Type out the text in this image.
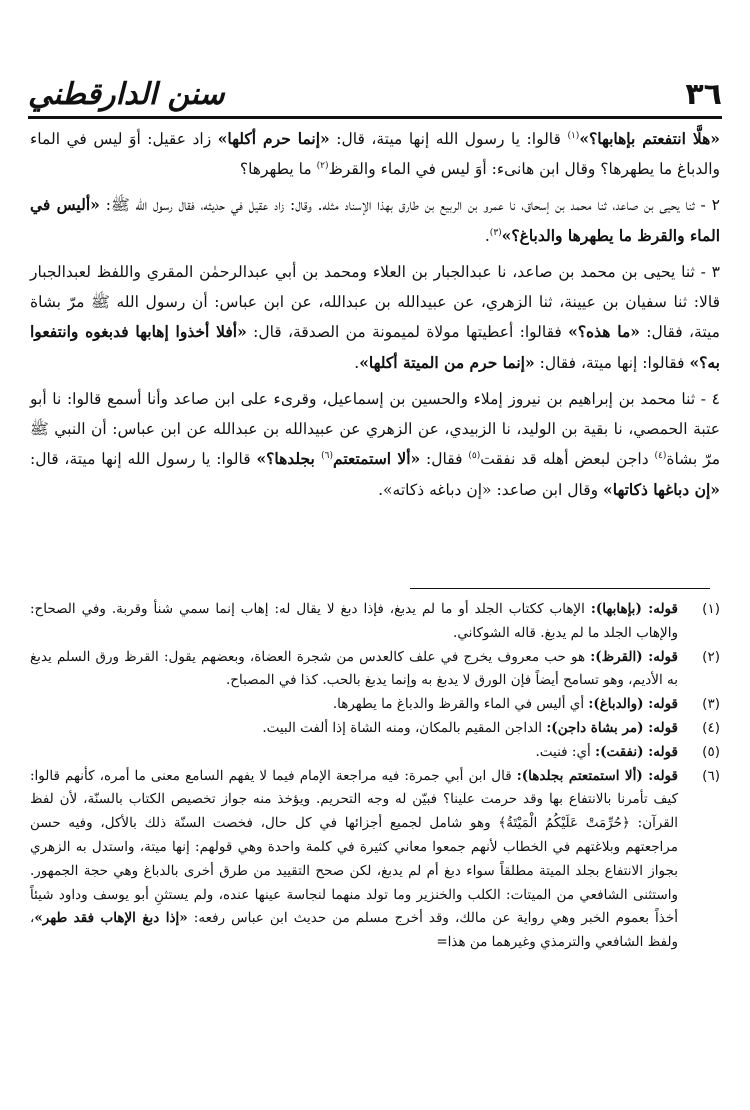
٣٦
سنن الدارقطني

«هلَّا انتفعتم بإهابها؟»$^{(١)}$ قالوا: يا رسول الله إنها ميتة، قال: «إنما حرم أكلها» زاد عقيل: أوَ ليس في الماء والدباغ ما يطهرها؟ وقال ابن هانىء: أوَ ليس في الماء والقرظ$^{(٢)}$ ما يطهرها؟

٢ - ثنا يحيى بن صاعد، ثنا محمد بن إسحاق، نا عمرو بن الربيع بن طارق بهذا الإسناد مثله. وقال: زاد عقيل في حديثه، فقال رسول الله ﷺ: «أليس في الماء والقرظ ما يطهرها والدباغ؟»$^{(٣)}$.

٣ - ثنا يحيى بن محمد بن صاعد، نا عبدالجبار بن العلاء ومحمد بن أبي عبدالرحمٰن المقري واللفظ لعبدالجبار قالا: ثنا سفيان بن عيينة، ثنا الزهري، عن عبيدالله بن عبدالله، عن ابن عباس: أن رسول الله ﷺ مرّ بشاة ميتة، فقال: «ما هذه؟» فقالوا: أعطيتها مولاة لميمونة من الصدقة، قال: «أفلا أخذوا إهابها فدبغوه وانتفعوا به؟» فقالوا: إنها ميتة، فقال: «إنما حرم من الميتة أكلها».

٤ - ثنا محمد بن إبراهيم بن نيروز إملاء والحسين بن إسماعيل، وقرىء على ابن صاعد وأنا أسمع قالوا: نا أبو عتبة الحمصي، نا بقية بن الوليد، نا الزبيدي، عن الزهري عن عبيدالله بن عبدالله عن ابن عباس: أن النبي ﷺ مرّ بشاة$^{(٤)}$ داجن لبعض أهله قد نفقت$^{(٥)}$ فقال: «ألا استمتعتم$^{(٦)}$ بجلدها؟» قالوا: يا رسول الله إنها ميتة، قال: «إن دباغها ذكاتها» وقال ابن صاعد: «إن دباغه ذكاته».

(١)
قوله: (بإهابها): الإهاب ككتاب الجلد أو ما لم يدبغ، فإذا دبغ لا يقال له: إهاب إنما سمي شنأ وقربة. وفي الصحاح: والإهاب الجلد ما لم يدبغ. قاله الشوكاني.
(٢)
قوله: (القرظ): هو حب معروف يخرج في علف كالعدس من شجرة العضاة، وبعضهم يقول: القرظ ورق السلم يدبغ به الأديم، وهو تسامح أيضاً فإن الورق لا يدبغ به وإنما يدبغ بالحب. كذا في المصباح.
(٣)
قوله: (والدباغ): أي أليس في الماء والقرظ والدباغ ما يطهرها.
(٤)
قوله: (مر بشاة داجن): الداجن المقيم بالمكان، ومنه الشاة إذا ألفت البيت.
(٥)
قوله: (نفقت): أي: فنيت.
(٦)
قوله: (ألا استمتعتم بجلدها): قال ابن أبي جمرة: فيه مراجعة الإمام فيما لا يفهم السامع معنى ما أمره، كأنهم قالوا: كيف تأمرنا بالانتفاع بها وقد حرمت علينا؟ فبيّن له وجه التحريم. ويؤخذ منه جواز تخصيص الكتاب بالسنّة، لأن لفظ القرآن: ﴿حُرِّمَتْ عَلَيْكُمُ الْمَيْتَةُ﴾ وهو شامل لجميع أجزائها في كل حال، فخصت السنّة ذلك بالأكل، وفيه حسن مراجعتهم وبلاغتهم في الخطاب لأنهم جمعوا معاني كثيرة في كلمة واحدة وهي قولهم: إنها ميتة، واستدل به الزهري بجواز الانتفاع بجلد الميتة مطلقاً سواء دبغ أم لم يدبغ، لكن صحح التقييد من طرق أخرى بالدباغ وهي حجة الجمهور. واستثنى الشافعي من الميتات: الكلب والخنزير وما تولد منهما لنجاسة عينها عنده، ولم يستثنِ أبو يوسف وداود شيئاً أخذاً بعموم الخبر وهي رواية عن مالك، وقد أخرج مسلم من حديث ابن عباس رفعه: «إذا دبغ الإهاب فقد طهر»، ولفظ الشافعي والترمذي وغيرهما من هذا=
